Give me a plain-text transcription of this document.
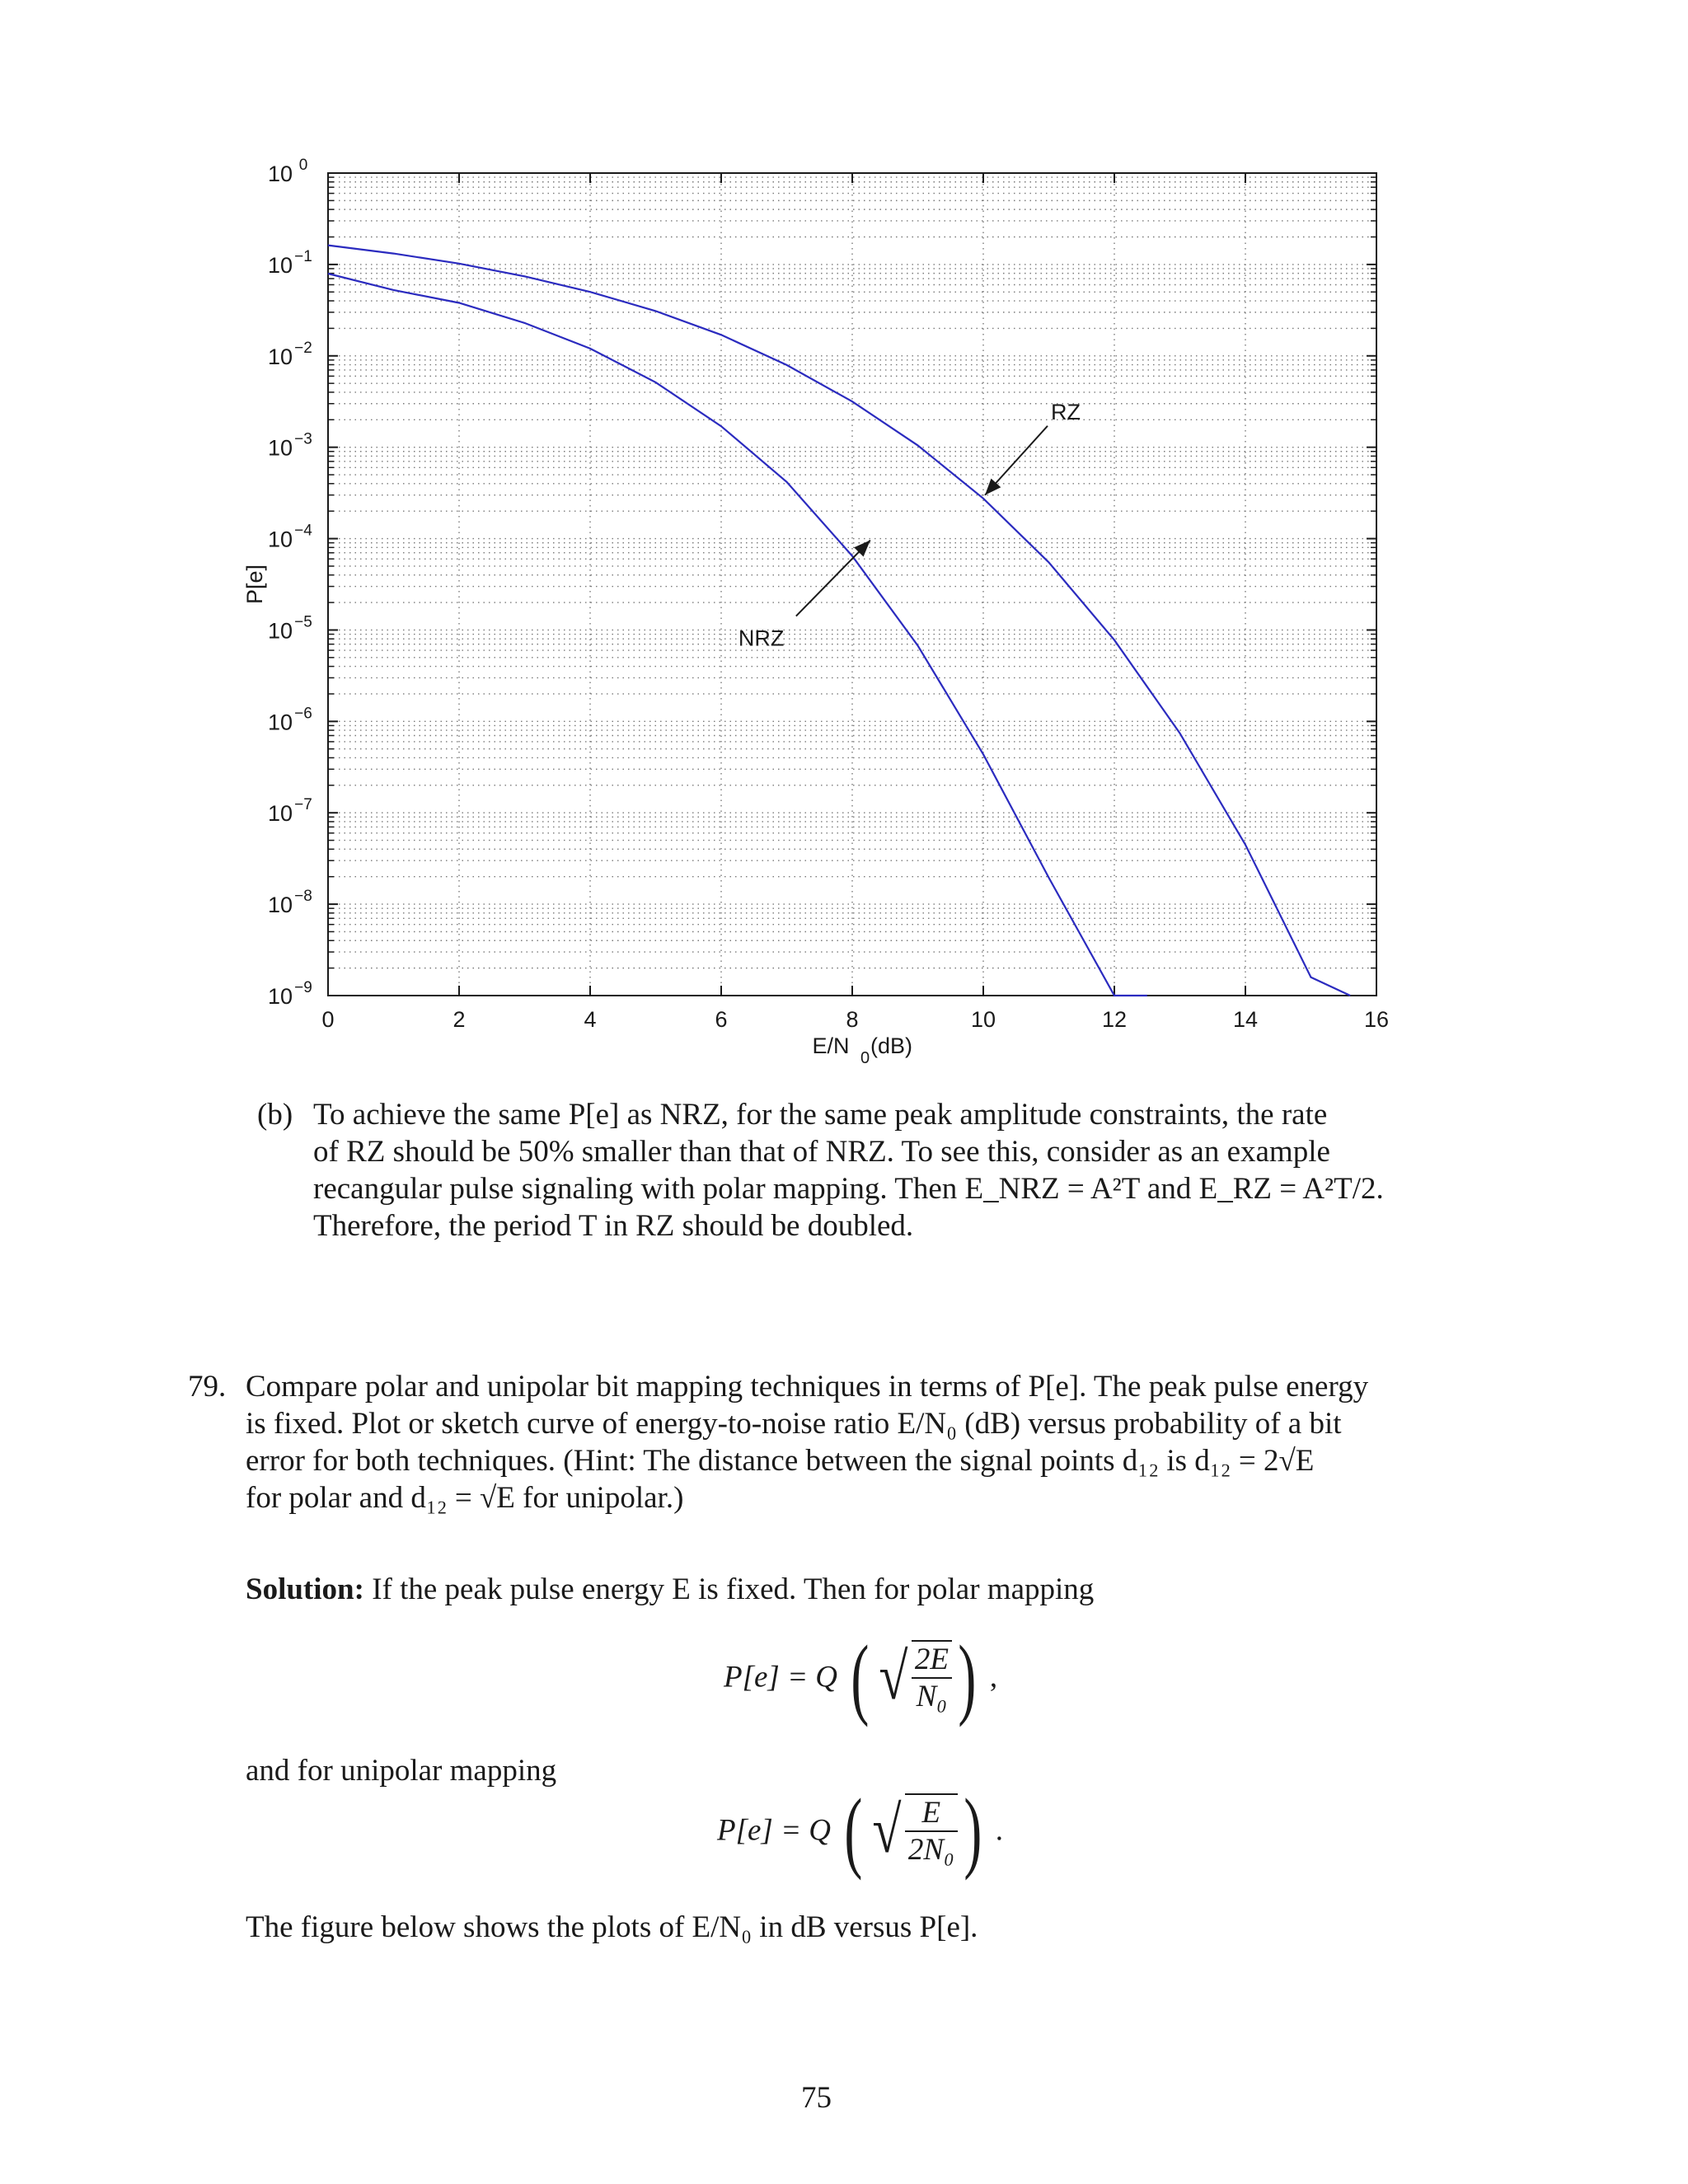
0	2	4	6	8	10	12	14	16
10 0
10 −1
10 −2
10 −3
10 −4
10 −5
10 −6
10 −7
10 −8
10 −9
E/N 0 (dB)
P[e]
RZ
NRZ
(b) To achieve the same P[e] as NRZ, for the same peak amplitude constraints, the rate
of RZ should be 50% smaller than that of NRZ. To see this, consider as an example
recangular pulse signaling with polar mapping. Then E_NRZ = A²T and E_RZ = A²T/2.
Therefore, the period T in RZ should be doubled.
79. Compare polar and unipolar bit mapping techniques in terms of P[e]. The peak pulse energy
is fixed. Plot or sketch curve of energy-to-noise ratio E/N₀ (dB) versus probability of a bit
error for both techniques. (Hint: The distance between the signal points d₁₂ is d₁₂ = 2√E
for polar and d₁₂ = √E for unipolar.)
Solution: If the peak pulse energy E is fixed. Then for polar mapping
P[e] = Q ( √ $\frac{2E}{\text{N₀}}$ ) ,
and for unipolar mapping
P[e] = Q ( √ $\frac{E}{\text{2N₀}}$ ) .
The figure below shows the plots of E/N₀ in dB versus P[e].
75
